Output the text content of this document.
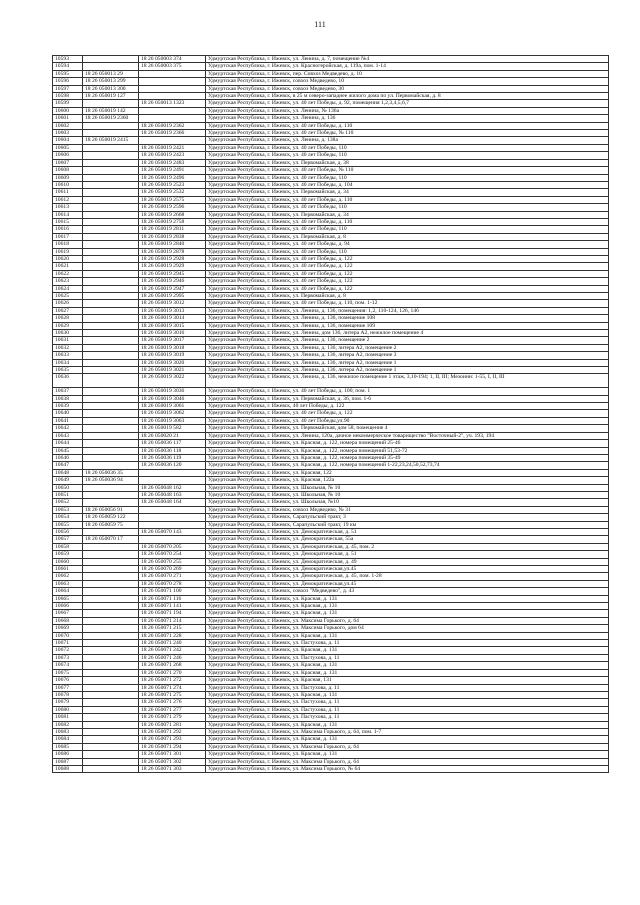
111
10593		18 26 050003 374	Удмуртская Республика, г. Ижевск, ул. Ленина, д. 7, помещение №4
10594		18 26 050003 375	Удмуртская Республика, г. Ижевск, ул. Красногеройская, д. 119а, пом. 1-14
10595	18 26 050013 29		Удмуртская Республика, г. Ижевск, пер. Совхоз Медведево, д. 10
10596	18 26 050013 299		Удмуртская Республика, г. Ижевск, совхоз Медведево, 10
10597	18 26 050013 300		Удмуртская Республика, г. Ижевск, совхоз Медведево, 30
10598	18 26 050019 127		Удмуртская Республика, г. Ижевск, в 25 м северо-западнее жилого дома по ул. Первомайская, д. 8
10599		18 26 050013 1323	Удмуртская Республика, г. Ижевск, ул. 40 лет Победы, д. 92, помещения 1,2,3,4,5,6,7
10600	18 26 050019 142		Удмуртская Республика, г. Ижевск, ул. Ленина, № 136а
10601	18 26 050019 2360		Удмуртская Республика, г. Ижевск, ул. Ленина, д. 136
10602		18 26 050019 2362	Удмуртская Республика, г. Ижевск, ул. 40 лет Победы, д. 110
10603		18 26 050019 2366	Удмуртская Республика, г. Ижевск, ул. 40 лет Победы, № 110
10604	18 26 050019 2415		Удмуртская Республика, г. Ижевск, ул. Ленина, д. 138а
10605		18 26 050019 2421	Удмуртская Республика, г. Ижевск, ул. 40 лет Победы, 110
10606		18 26 050019 2423	Удмуртская Республика, г. Ижевск, ул. 40 лет Победы, 110
10607		18 26 050019 2483	Удмуртская Республика, г. Ижевск, ул. Первомайская, д. 38
10608		18 26 050019 2491	Удмуртская Республика, г. Ижевск, ул. 40 лет Победы, № 110
10609		18 26 050019 2496	Удмуртская Республика, г. Ижевск, ул. 40 лет Победы, 110
10610		18 26 050019 2523	Удмуртская Республика, г. Ижевск, ул. 40 лет Победы, д. 104
10611		18 26 050019 2532	Удмуртская Республика, г. Ижевск, ул. Первомайская, д. 34
10612		18 26 050019 2575	Удмуртская Республика, г. Ижевск, ул. 40 лет Победы, д. 110
10613		18 26 050019 2596	Удмуртская Республика, г. Ижевск, ул. 40 лет Победы, 110
10614		18 26 050019 2668	Удмуртская Республика, г. Ижевск, ул. Первомайская, д. 34
10615		18 26 050019 2758	Удмуртская Республика, г. Ижевск, ул. 40 лет Победы, д. 110
10616		18 26 050019 2811	Удмуртская Республика, г. Ижевск, ул. 40 лет Победы, 110
10617		18 26 050019 2838	Удмуртская Республика, г. Ижевск, ул. Первомайская, д. 8
10618		18 26 050019 2840	Удмуртская Республика, г. Ижевск, ул. 40 лет Победы, д. 94
10619		18 26 050019 2878	Удмуртская Республика, г. Ижевск, ул. 40 лет Победы, 110
10620		18 26 050019 2928	Удмуртская Республика, г. Ижевск, ул. 40 лет Победы, д. 122
10621		18 26 050019 2929	Удмуртская Республика, г. Ижевск, ул. 40 лет Победы, д. 122
10622		18 26 050019 2945	Удмуртская Республика, г. Ижевск, ул. 40 лет Победы, д. 122
10623		18 26 050019 2946	Удмуртская Республика, г. Ижевск, ул. 40 лет Победы, д. 122
10624		18 26 050019 2947	Удмуртская Республика, г. Ижевск, ул. 40 лет Победы, д. 122
10625		18 26 050019 2995	Удмуртская Республика, г. Ижевск, ул. Первомайская, д. 8
10626		18 26 050019 3012	Удмуртская Республика, г. Ижевск, ул. 40 лет Победы, д. 110, пом. 1-12
10627		18 26 050019 3013	Удмуртская Республика, г. Ижевск, ул. Ленина, д. 136, помещения: 1,2, 110-124, 126, 146
10628		18 26 050019 3014	Удмуртская Республика, г. Ижевск, ул. Ленина, д. 136, помещение 108
10629		18 26 050019 3015	Удмуртская Республика, г. Ижевск, ул. Ленина, д. 136, помещение 109
10630		18 26 050019 3016	Удмуртская Республика, г. Ижевск, ул. Ленина, дом 136, литера А2, нежилое помещение 4
10631		18 26 050019 3017	Удмуртская Республика, г. Ижевск, ул. Ленина, д. 136, помещение 2
10632		18 26 050019 3018	Удмуртская Республика, г. Ижевск, ул. Ленина, д. 136, литера А2, помещение 2
10633		18 26 050019 3019	Удмуртская Республика, г. Ижевск, ул. Ленина, д. 136, литера А2, помещение 3
10634		18 26 050019 3020	Удмуртская Республика, г. Ижевск, ул. Ленина, д. 136, литера А2, помещение 1
10635		18 26 050019 3021	Удмуртская Республика, г. Ижевск, ул. Ленина, д. 136, литера А2, помещение 1
10636		18 26 050019 3022	Удмуртская Республика, г. Ижевск, ул. Ленина, д. 136, нежилое помещение 1 этаж, 3,10-194; 1, II, III; Мезонин: 1-55, I, II, III
10637		18 26 050019 3036	Удмуртская Республика, г. Ижевск, ул. 40 лет Победы, д. 100, пом. 1
10638		18 26 050019 3046	Удмуртская Республика, г. Ижевск, ул. Первомайская, д. 36, пом. 1-6
10639		18 26 050019 3061	Удмуртская Республика, г. Ижевск, 40 лет Победы, д. 122
10640		18 26 050019 3062	Удмуртская Республика, г. Ижевск, ул. 40 лет Победы, д. 122
10641		18 26 050019 3063	Удмуртская Республика, г. Ижевск, ул. 40 лет Победы,ул.90
10642		18 26 050019 582	Удмуртская Республика, г. Ижевск, ул. Первомайская, дом 58, помещение 4
10643		18 26 050020 21	Удмуртская Республика, г. Ижевск, ул. Ленина, 120а, дачное некоммерческое товарищество "Восточный-2", уч. 193, 194
10644		18 26 050036 117	Удмуртская Республика, г. Ижевск, ул. Красная, д. 122, номера помещений 25-46
10645		18 26 050036 118	Удмуртская Республика, г. Ижевск, ул. Красная, д. 122, номера помещений 51,53-72
10646		18 26 050036 119	Удмуртская Республика, г. Ижевск, ул. Красная, д. 122, номера помещений 35-49
10647		18 26 050036 120	Удмуртская Республика, г. Ижевск, ул. Красная, д. 122, номера помещений 1-22,23,24,50,52,73,74
10648	18 26 050036 35		Удмуртская Республика, г. Ижевск, ул. Красная, 122
10649	18 26 050036 94		Удмуртская Республика, г. Ижевск, ул. Красная, 122а
10650		18 26 050048 162	Удмуртская Республика, г. Ижевск, ул. Школьная, № 10
10651		18 26 050048 163	Удмуртская Республика, г. Ижевск, ул. Школьная, № 10
10652		18 26 050048 164	Удмуртская Республика, г. Ижевск, ул. Школьная, №10
10653	18 26 050056 91		Удмуртская Республика, г. Ижевск, совхоз Медведево, № 31
10654	18 26 050059 122		Удмуртская Республика, г. Ижевск, Сарапульский тракт, 3
10655	18 26 050059 75		Удмуртская Республика, г. Ижевск, Сарапульский тракт, 19 км
10656		18 26 050070 143	Удмуртская Республика, г. Ижевск, ул. Демократическая, д. 51
10657	18 26 050070 17		Удмуртская Республика, г. Ижевск, ул. Демократическая, 55а
10658		18 26 050070 205	Удмуртская Республика, г. Ижевск, ул. Демократическая, д. 45, пом. 2
10659		18 26 050070 254	Удмуртская Республика, г. Ижевск, ул. Демократическая, д. 51
10660		18 26 050070 255	Удмуртская Республика, г. Ижевск, ул. Демократическая, д. 49
10661		18 26 050070 269	Удмуртская Республика, г. Ижевск, ул. Демократическая,ул.45
10662		18 26 050070 271	Удмуртская Республика, г. Ижевск, ул. Демократическая, д. 45, пом. 1-28
10663		18 26 050070 278	Удмуртская Республика, г. Ижевск, ул. Демократическая,ул.45
10664		18 26 050071 100	Удмуртская Республика, г. Ижевск, совхоз "Медведево", д. 43
10665		18 26 050071 116	Удмуртская Республика, г. Ижевск, ул. Красная, д. 131
10666		18 26 050071 141	Удмуртская Республика, г. Ижевск, ул. Красная, д. 131
10667		18 26 050071 194	Удмуртская Республика, г. Ижевск, ул. Красная, д. 131
10668		18 26 050071 214	Удмуртская Республика, г. Ижевск, ул. Максима Горького, д. 64
10669		18 26 050071 215	Удмуртская Республика, г. Ижевск, ул. Максима Горького, дом 64
10670		18 26 050071 228	Удмуртская Республика, г. Ижевск, ул. Красная, д. 131
10671		18 26 050071 240	Удмуртская Республика, г. Ижевск, ул. Пастухова, д. 11
10672		18 26 050071 242	Удмуртская Республика, г. Ижевск, ул. Красная, д. 131
10673		18 26 050071 246	Удмуртская Республика, г. Ижевск, ул. Пастухова, д. 11
10674		18 26 050071 268	Удмуртская Республика, г. Ижевск, ул. Красная, д. 131
10675		18 26 050071 270	Удмуртская Республика, г. Ижевск, ул. Красная, д. 131
10676		18 26 050071 272	Удмуртская Республика, г. Ижевск, ул. Красная, 131
10677		18 26 050071 274	Удмуртская Республика, г. Ижевск, ул. Пастухова, д. 11
10678		18 26 050071 275	Удмуртская Республика, г. Ижевск, ул. Красная, д. 131
10679		18 26 050071 276	Удмуртская Республика, г. Ижевск, ул. Пастухова, д. 11
10680		18 26 050071 277	Удмуртская Республика, г. Ижевск, ул. Пастухова, д. 11
10681		18 26 050071 279	Удмуртская Республика, г. Ижевск, ул. Пастухова, д. 11
10682		18 26 050071 281	Удмуртская Республика, г. Ижевск, ул. Красная, д. 131
10683		18 26 050071 292	Удмуртская Республика, г. Ижевск, ул. Максима Горького, д. 64, пом. 1-7
10684		18 26 050071 293	Удмуртская Республика, г. Ижевск, ул. Красная, д. 131
10685		18 26 050071 294	Удмуртская Республика, г. Ижевск, ул. Максима Горького, д. 64
10686		18 26 050071 301	Удмуртская Республика, г. Ижевск, ул. Красная, д. 131
10687		18 26 050071 302	Удмуртская Республика, г. Ижевск, ул. Максима Горького, д. 64
10688		18 26 050071 303	Удмуртская Республика, г. Ижевск, ул. Максима Горького, № 64
